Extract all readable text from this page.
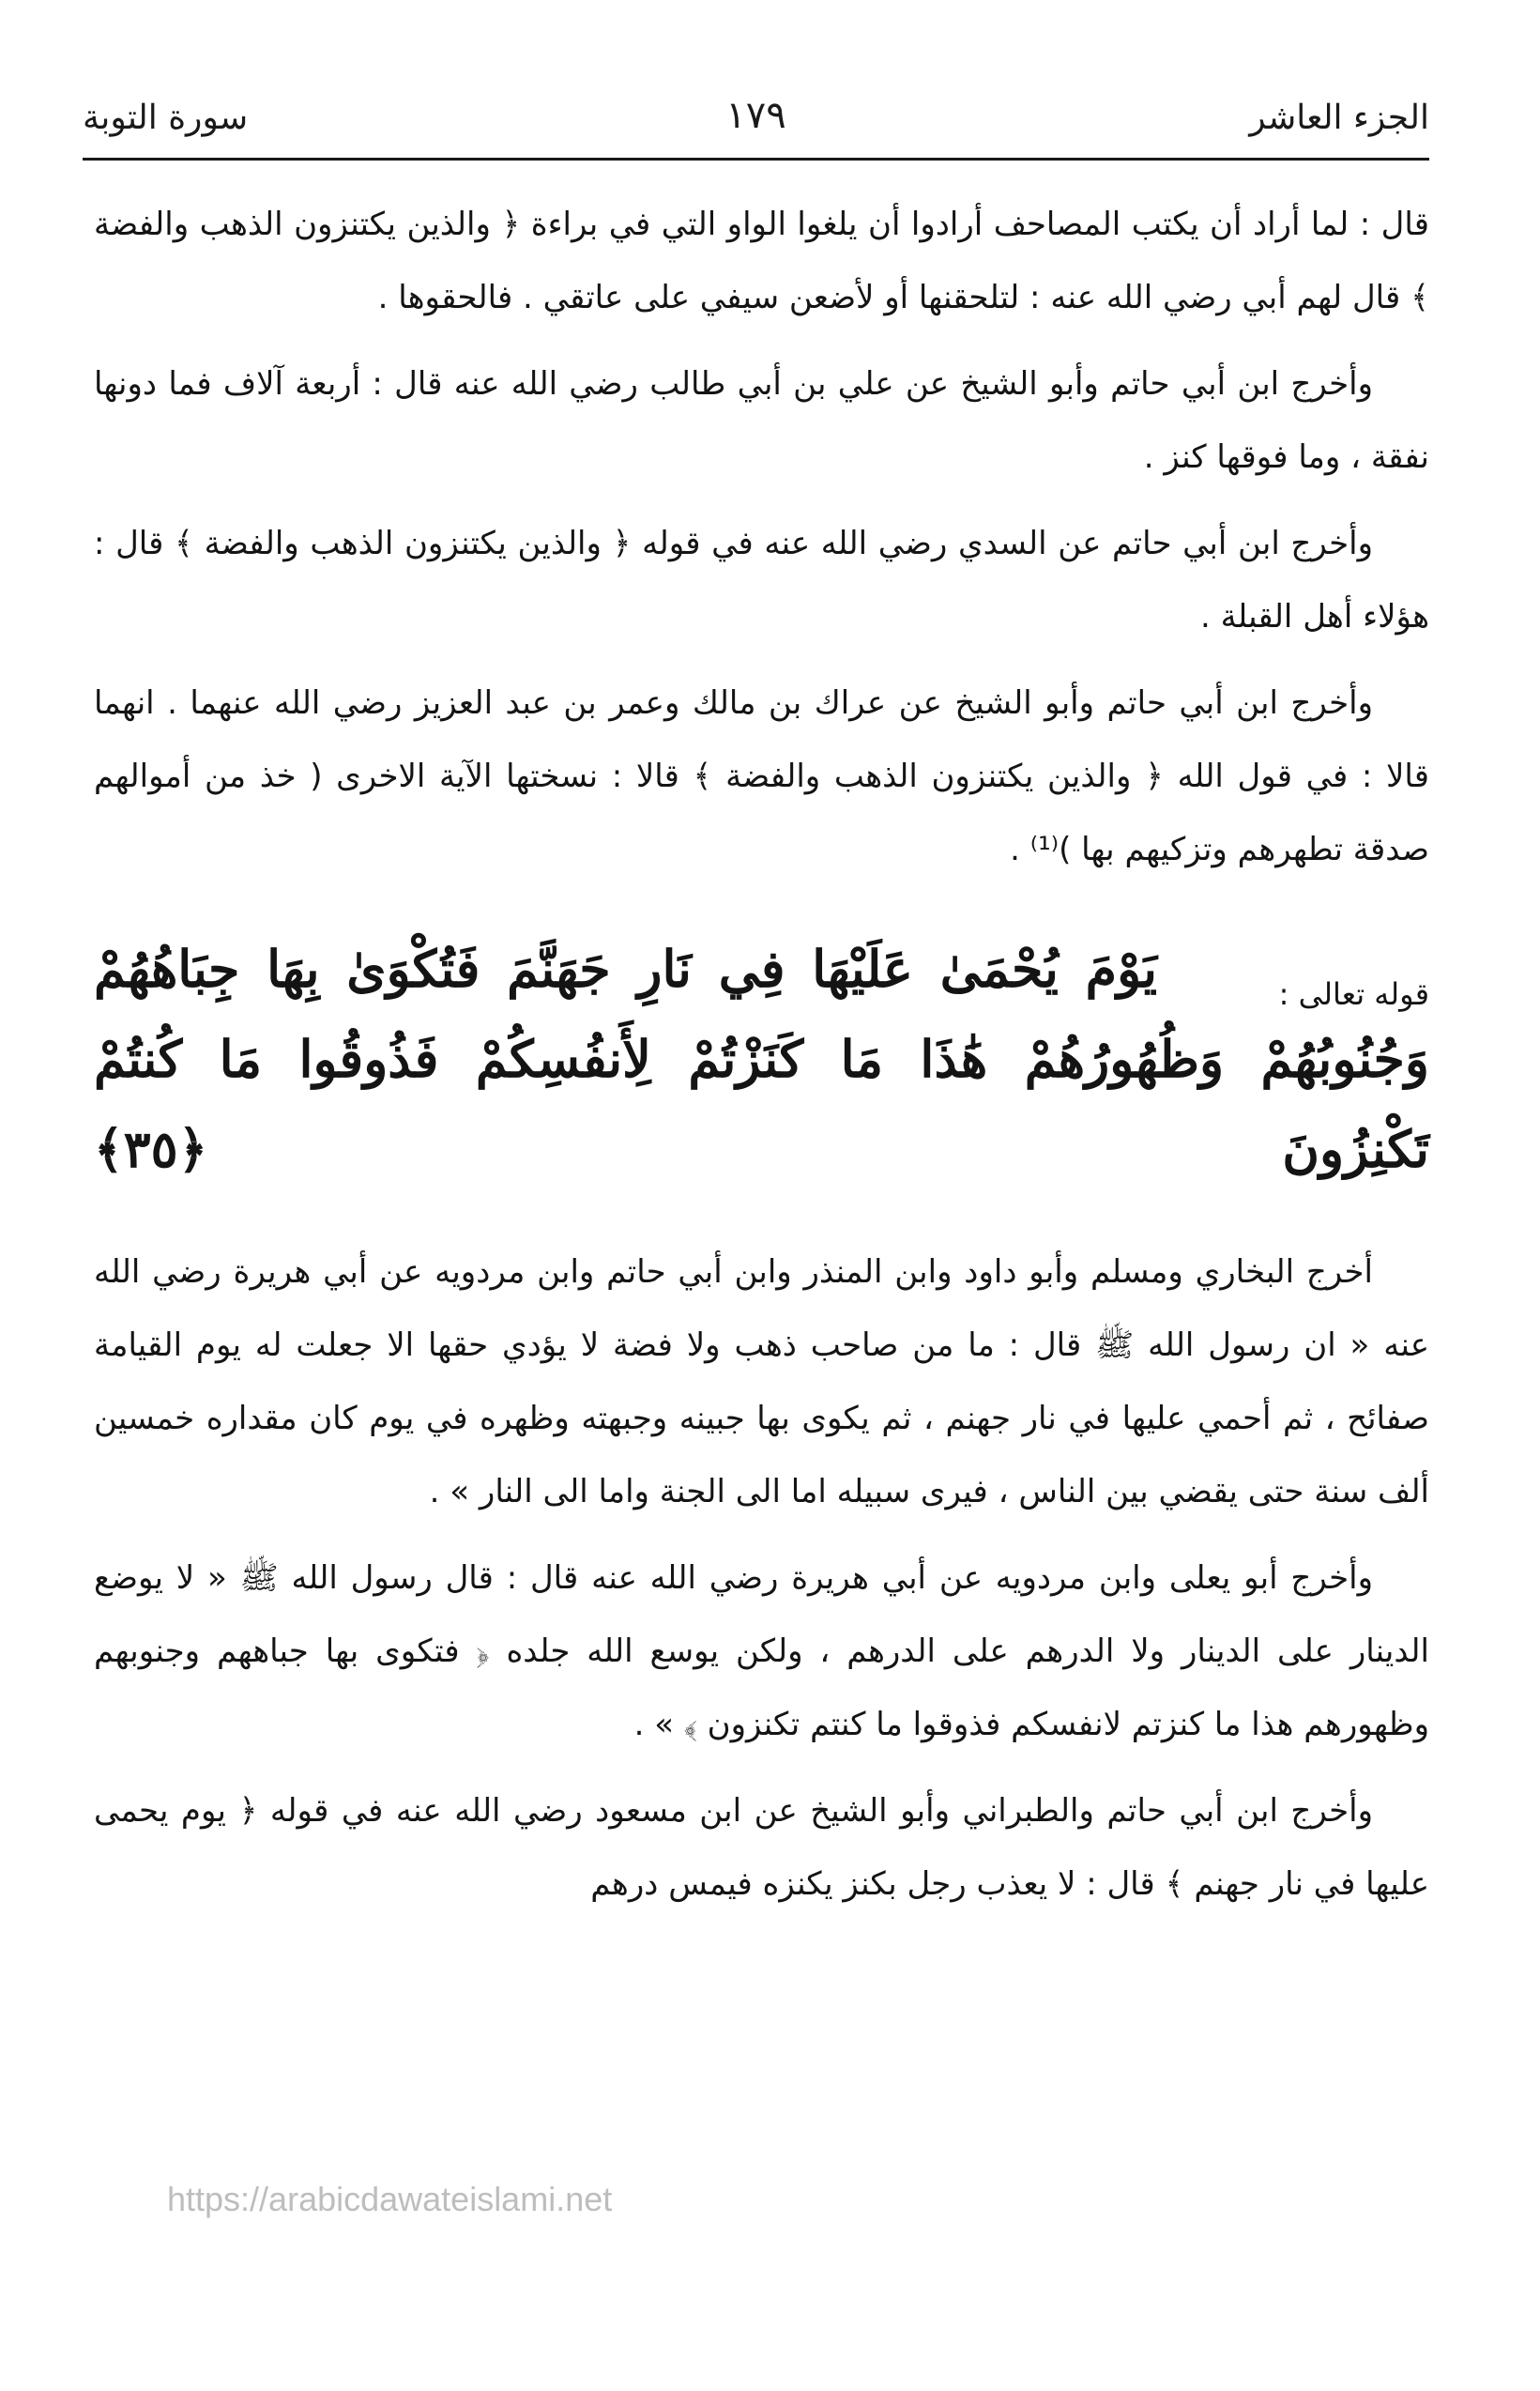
الجزء العاشر
١٧٩
سورة التوبة

قال : لما أراد أن يكتب المصاحف أرادوا أن يلغوا الواو التي في براءة ﴿ والذين يكتنزون الذهب والفضة ﴾ قال لهم أبي رضي الله عنه : لتلحقنها أو لأضعن سيفي على عاتقي . فالحقوها .

وأخرج ابن أبي حاتم وأبو الشيخ عن علي بن أبي طالب رضي الله عنه قال : أربعة آلاف فما دونها نفقة ، وما فوقها كنز .

وأخرج ابن أبي حاتم عن السدي رضي الله عنه في قوله ﴿ والذين يكتنزون الذهب والفضة ﴾ قال : هؤلاء أهل القبلة .

وأخرج ابن أبي حاتم وأبو الشيخ عن عراك بن مالك وعمر بن عبد العزيز رضي الله عنهما . انهما قالا : في قول الله ﴿ والذين يكتنزون الذهب والفضة ﴾ قالا : نسختها الآية الاخرى ( خذ من أموالهم صدقة تطهرهم وتزكيهم بها )⁽¹⁾ .

قوله تعالى :
يَوْمَ يُحْمَىٰ عَلَيْهَا فِي نَارِ جَهَنَّمَ فَتُكْوَىٰ بِهَا جِبَاهُهُمْ
وَجُنُوبُهُمْ وَظُهُورُهُمْ هَٰذَا مَا كَنَزْتُمْ لِأَنفُسِكُمْ فَذُوقُوا مَا كُنتُمْ تَكْنِزُونَ ﴿٣٥﴾

أخرج البخاري ومسلم وأبو داود وابن المنذر وابن أبي حاتم وابن مردويه عن أبي هريرة رضي الله عنه « ان رسول الله ﷺ قال : ما من صاحب ذهب ولا فضة لا يؤدي حقها الا جعلت له يوم القيامة صفائح ، ثم أحمي عليها في نار جهنم ، ثم يكوى بها جبينه وجبهته وظهره في يوم كان مقداره خمسين ألف سنة حتى يقضي بين الناس ، فيرى سبيله اما الى الجنة واما الى النار » .

وأخرج أبو يعلى وابن مردويه عن أبي هريرة رضي الله عنه قال : قال رسول الله ﷺ « لا يوضع الدينار على الدينار ولا الدرهم على الدرهم ، ولكن يوسع الله جلده ﴿ فتكوى بها جباههم وجنوبهم وظهورهم هذا ما كنزتم لانفسكم فذوقوا ما كنتم تكنزون ﴾ » .

وأخرج ابن أبي حاتم والطبراني وأبو الشيخ عن ابن مسعود رضي الله عنه في قوله ﴿ يوم يحمى عليها في نار جهنم ﴾ قال : لا يعذب رجل بكنز يكنزه فيمس درهم

https://arabicdawateislami.net
